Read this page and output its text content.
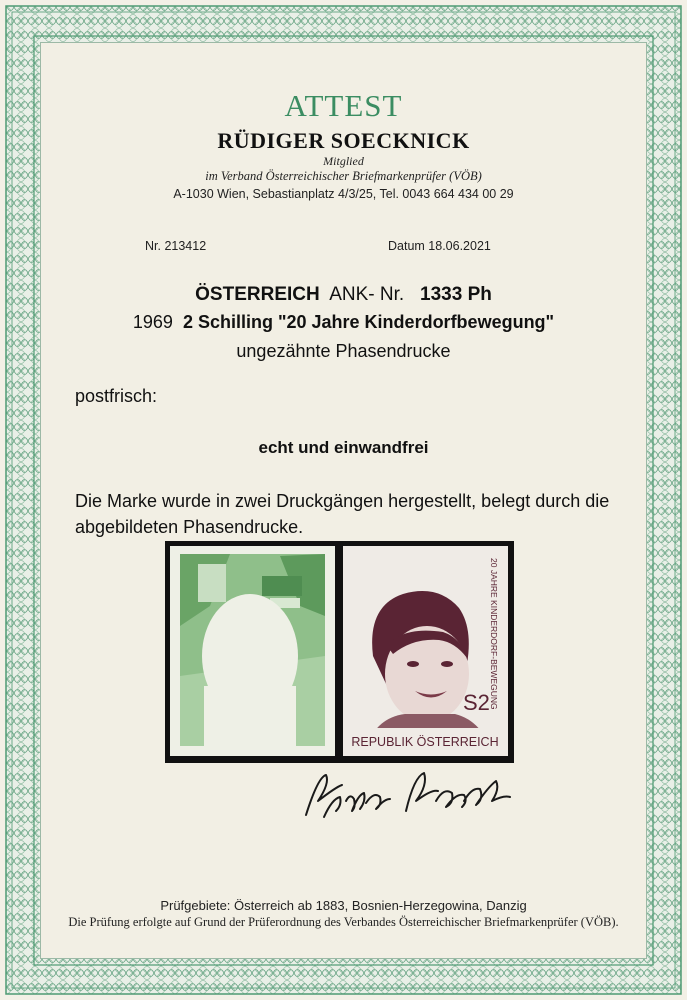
ATTEST
RÜDIGER SOECKNICK
Mitglied
im Verband Österreichischer Briefmarkenprüfer (VÖB)
A-1030 Wien, Sebastianplatz 4/3/25, Tel. 0043 664 434 00 29
Nr. 213412	Datum 18.06.2021
ÖSTERREICH ANK- Nr. 1333 Ph
1969 2 Schilling "20 Jahre Kinderdorfbewegung"
ungezähnte Phasendrucke
postfrisch:
echt und einwandfrei
Die Marke wurde in zwei Druckgängen hergestellt, belegt durch die abgebildeten Phasendrucke.
S2
REPUBLIK ÖSTERREICH
20 JAHRE KINDERDORF-BEWEGUNG
Prüfgebiete: Österreich ab 1883, Bosnien-Herzegowina, Danzig
Die Prüfung erfolgte auf Grund der Prüferordnung des Verbandes Österreichischer Briefmarkenprüfer (VÖB).
·
